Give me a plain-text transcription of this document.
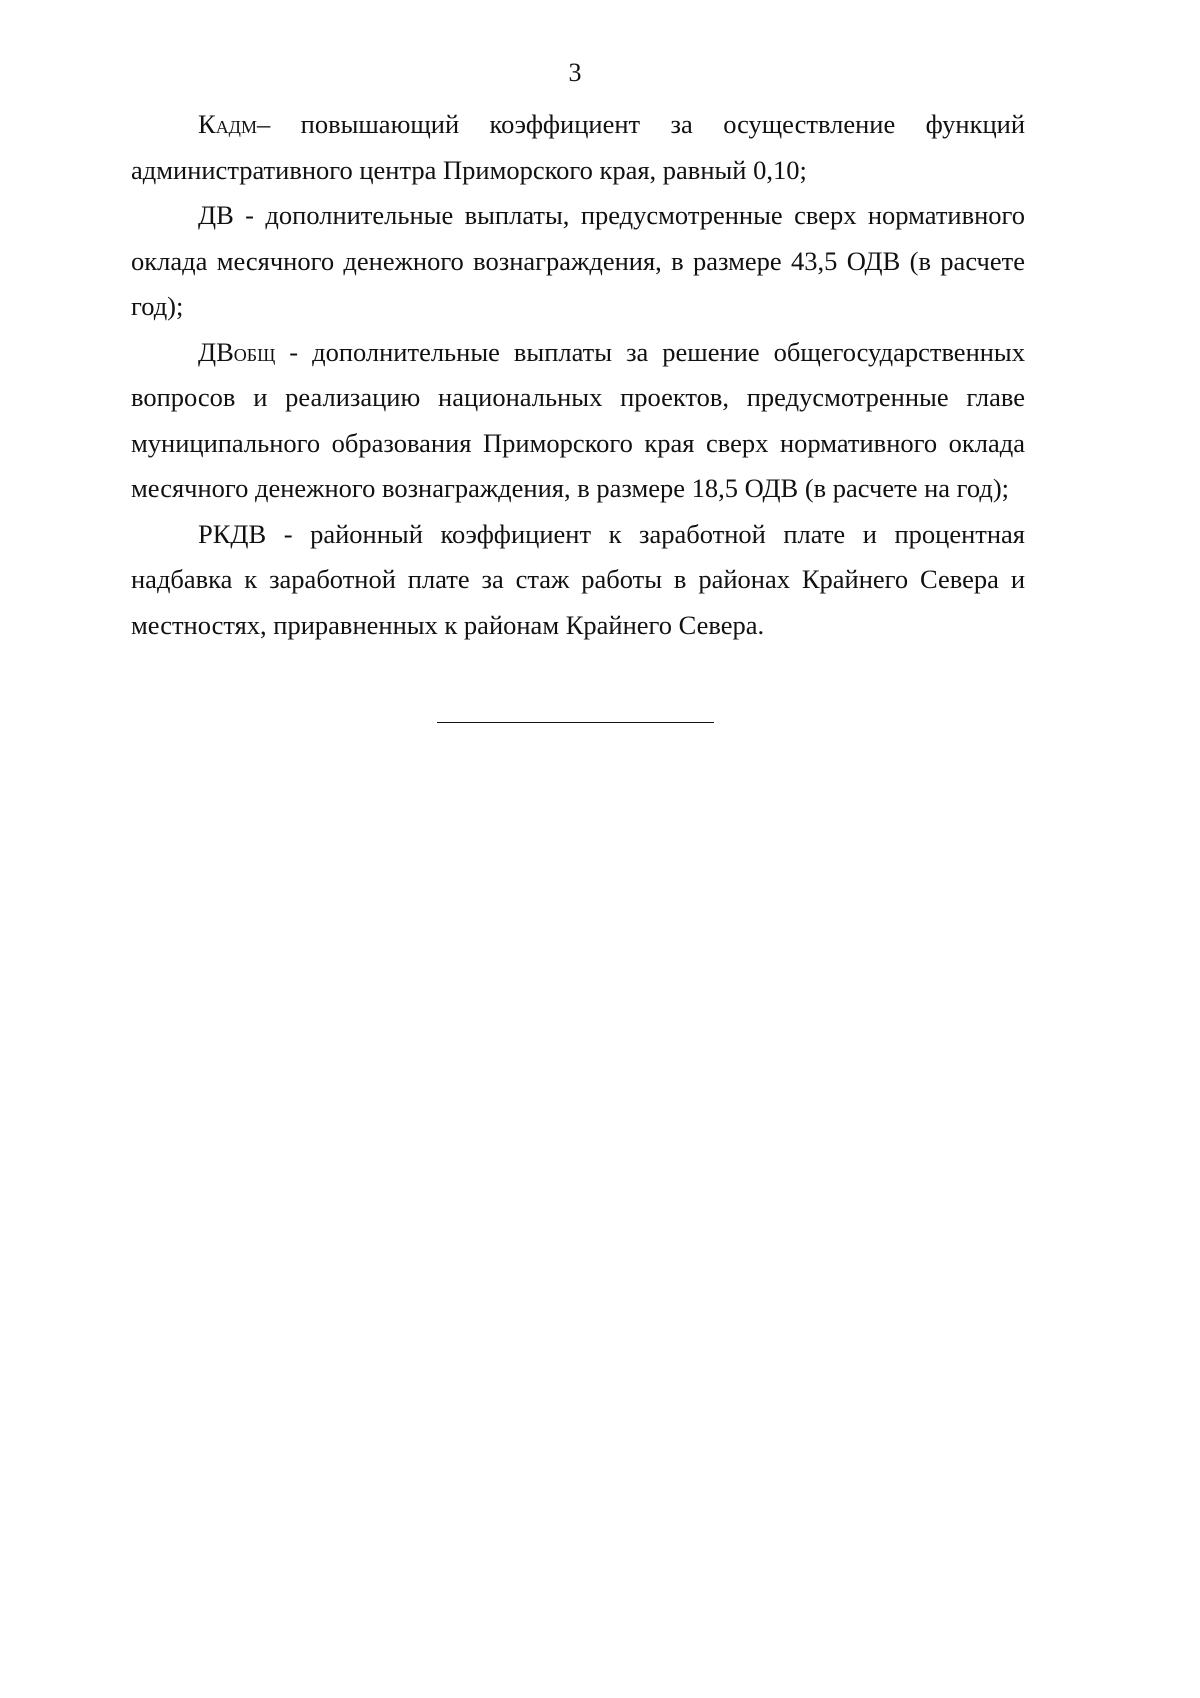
3
КАДМ– повышающий коэффициент за осуществление функций
административного центра Приморского края, равный 0,10;
ДВ - дополнительные выплаты, предусмотренные сверх нормативного
оклада месячного денежного вознаграждения, в размере 43,5 ОДВ (в расчете
год);
ДВОБЩ - дополнительные выплаты за решение общегосударственных
вопросов и реализацию национальных проектов, предусмотренные главе
муниципального образования Приморского края сверх нормативного оклада
месячного денежного вознаграждения, в размере 18,5 ОДВ (в расчете на год);
РКДВ - районный коэффициент к заработной плате и процентная
надбавка к заработной плате за стаж работы в районах Крайнего Севера и
местностях, приравненных к районам Крайнего Севера.
